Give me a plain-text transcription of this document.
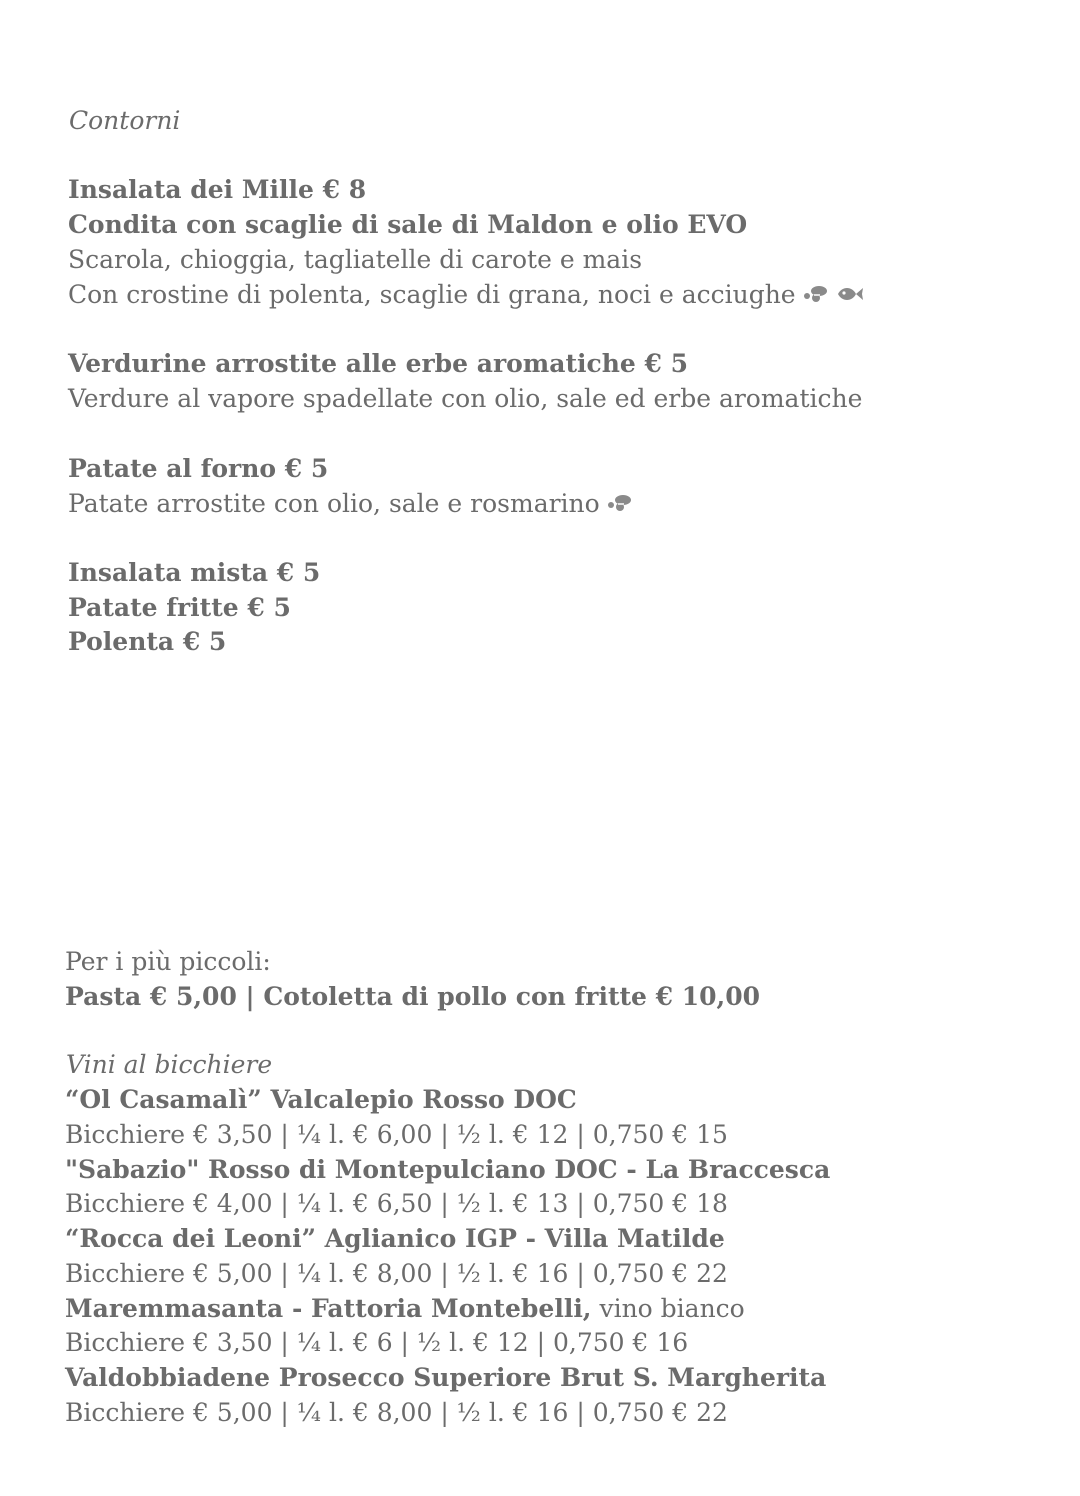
Contorni

Insalata dei Mille € 8

Condita con scaglie di sale di Maldon e olio EVO

Scarola, chioggia, tagliatelle di carote e mais

Con crostine di polenta, scaglie di grana, noci e acciughe

Verdurine arrostite alle erbe aromatiche € 5

Verdure al vapore spadellate con olio, sale ed erbe aromatiche

Patate al forno € 5

Patate arrostite con olio, sale e rosmarino

Insalata mista € 5

Patate fritte € 5

Polenta € 5

Per i più piccoli:

Pasta € 5,00 | Cotoletta di pollo con fritte € 10,00

Vini al bicchiere

“Ol Casamalì” Valcalepio Rosso DOC

Bicchiere € 3,50 | ¼ l. € 6,00 | ½ l. € 12 | 0,750 € 15

"Sabazio" Rosso di Montepulciano DOC - La Braccesca

Bicchiere € 4,00 | ¼ l. € 6,50 | ½ l. € 13 | 0,750 € 18

“Rocca dei Leoni” Aglianico IGP - Villa Matilde

Bicchiere € 5,00 | ¼ l. € 8,00 | ½ l. € 16 | 0,750 € 22

Maremmasanta - Fattoria Montebelli, vino bianco

Bicchiere € 3,50 | ¼ l. € 6 | ½ l. € 12 | 0,750 € 16

Valdobbiadene Prosecco Superiore Brut S. Margherita

Bicchiere € 5,00 | ¼ l. € 8,00 | ½ l. € 16 | 0,750 € 22
